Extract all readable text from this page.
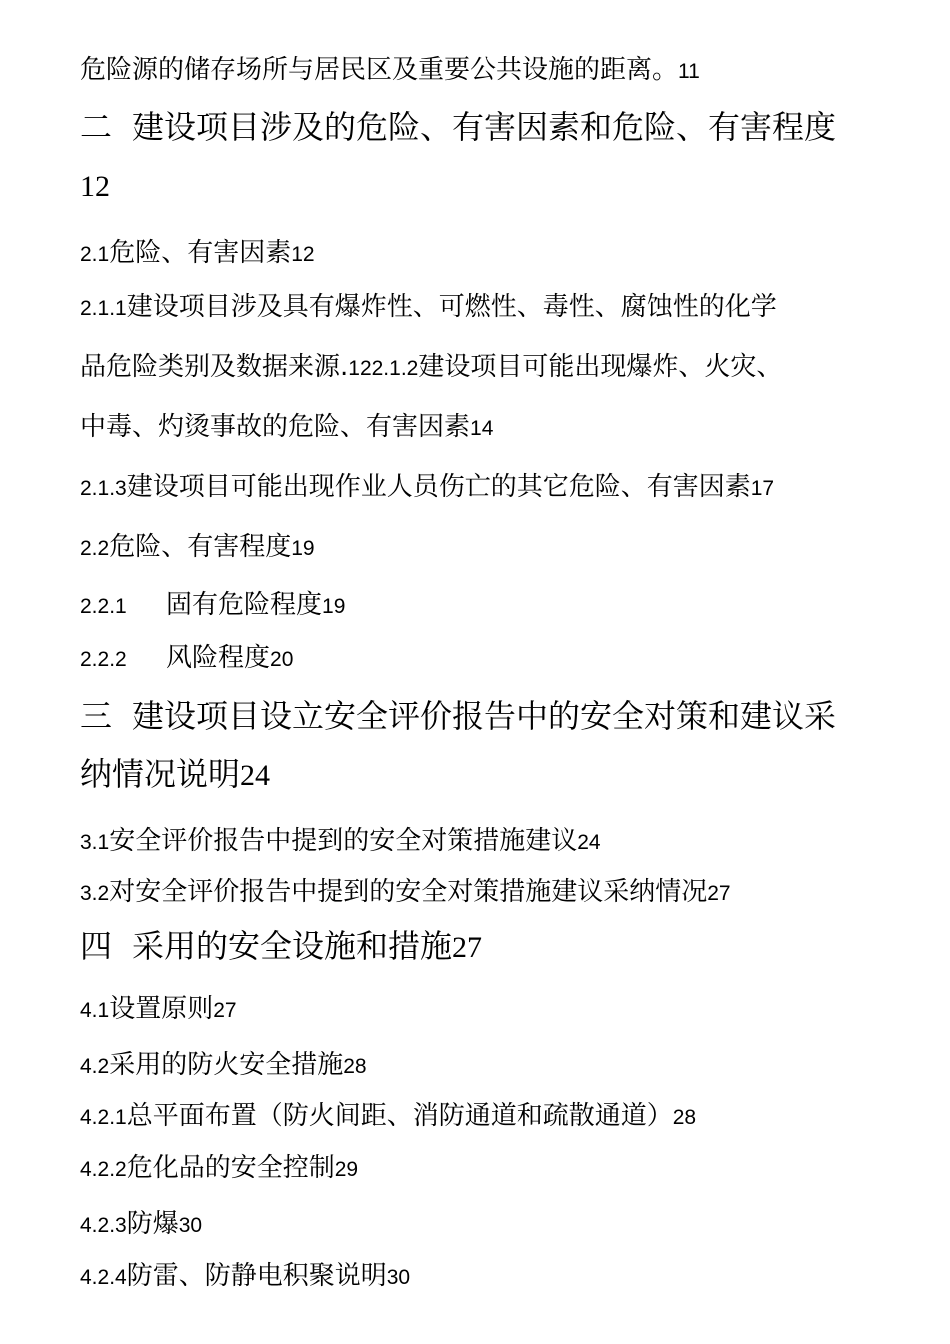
危险源的储存场所与居民区及重要公共设施的距离。11
二 建设项目涉及的危险、有害因素和危险、有害程度
12
2.1危险、有害因素12
2.1.1建设项目涉及具有爆炸性、可燃性、毒性、腐蚀性的化学
品危险类别及数据来源.122.1.2建设项目可能出现爆炸、火灾、
中毒、灼烫事故的危险、有害因素14
2.1.3建设项目可能出现作业人员伤亡的其它危险、有害因素17
2.2危险、有害程度19
2.2.1 固有危险程度19
2.2.2 风险程度20
三 建设项目设立安全评价报告中的安全对策和建议采
纳情况说明24
3.1安全评价报告中提到的安全对策措施建议24
3.2对安全评价报告中提到的安全对策措施建议采纳情况27
四 采用的安全设施和措施27
4.1设置原则27
4.2采用的防火安全措施28
4.2.1总平面布置（防火间距、消防通道和疏散通道）28
4.2.2危化品的安全控制29
4.2.3防爆30
4.2.4防雷、防静电积聚说明30
